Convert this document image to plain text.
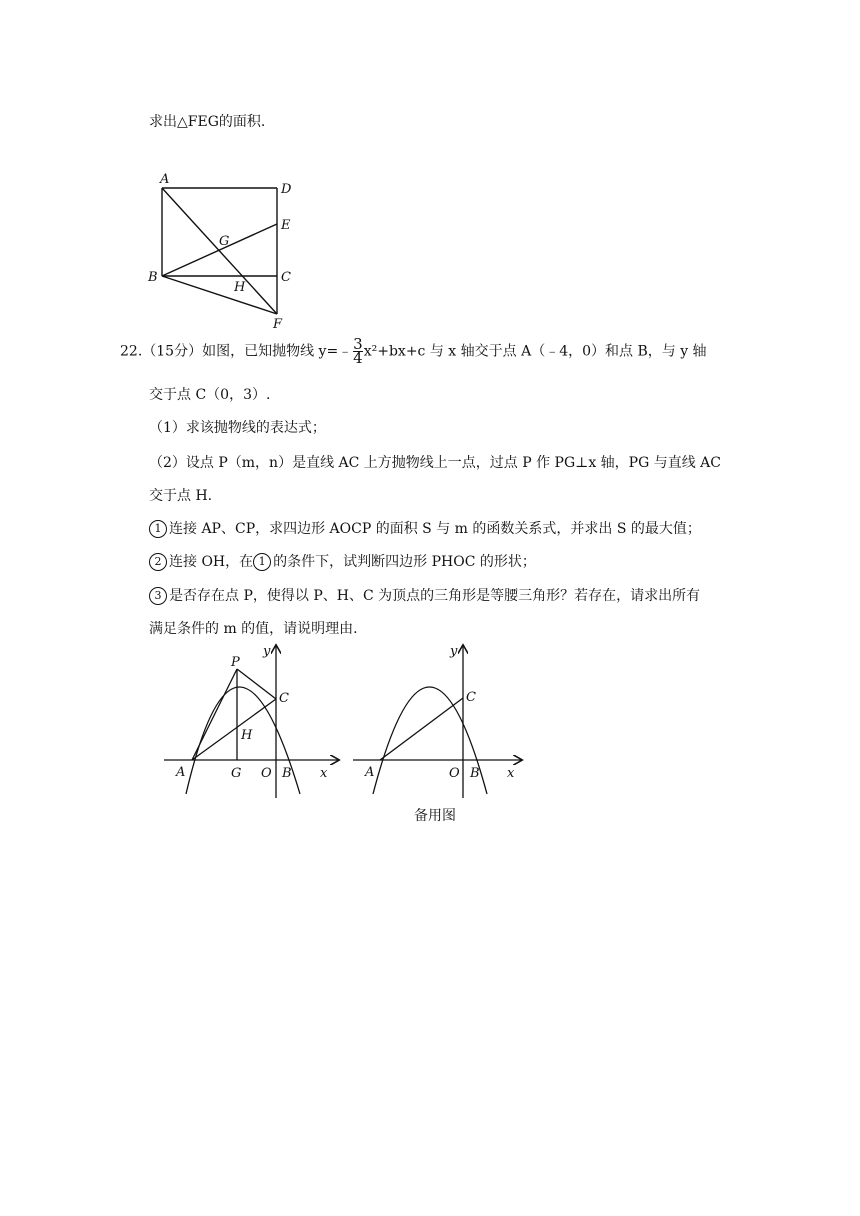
求出△FEG的面积.
A
D
E
G
B	C
H
F
22.（15分）如图，已知抛物线 y=﹣ $\frac{3}{4} x^2+bx+c$ 与 x 轴交于点 A（﹣4，0）和点 B，与 y 轴
交于点 C（0，3）.
（1）求该抛物线的表达式；
（2）设点 P（m，n）是直线 AC 上方抛物线上一点，过点 P 作 PG⊥x 轴，PG 与直线 AC
交于点 H.
1 连接 AP、CP，求四边形 AOCP 的面积 S 与 m 的函数关系式，并求出 S 的最大值；
2 连接 OH，在 1 的条件下，试判断四边形 PHOC 的形状；
3 是否存在点 P，使得以 P、H、C 为顶点的三角形是等腰三角形？若存在，请求出所有
满足条件的 m 的值，请说明理由.
P
y
C
H
A	G O B x
y
C
A	O B x
备用图
